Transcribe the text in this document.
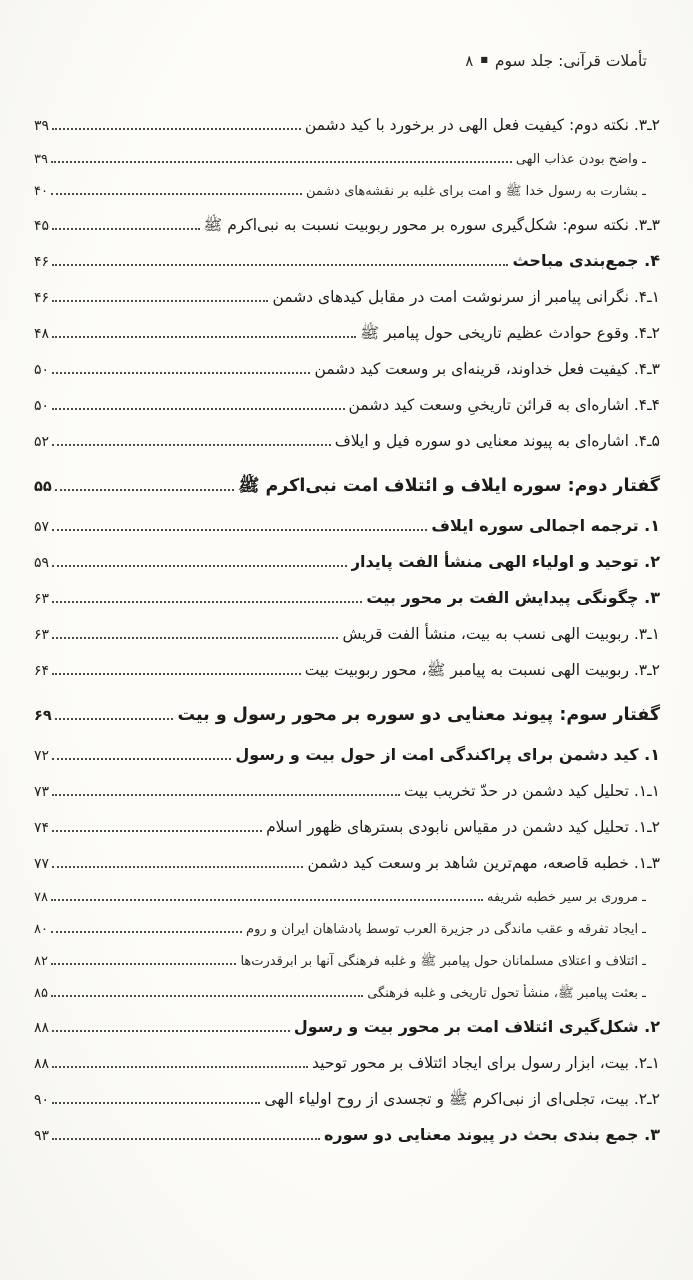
۸ ■ تأملات قرآنی: جلد سوم
۲ـ۳. نکته دوم: کیفیت فعل الهی در برخورد با کید دشمن
۳۹
ـ واضح بودن عذاب الهی
۳۹
ـ بشارت به رسول خدا ﷺ و امت برای غلبه بر نقشه‌های دشمن
۴۰
۳ـ۳. نکته سوم: شکل‌گیری سوره بر محور ربوبیت نسبت به نبی‌اکرم ﷺ
۴۵
۴. جمع‌بندی مباحث
۴۶
۱ـ۴. نگرانی پیامبر از سرنوشت امت در مقابل کیدهای دشمن
۴۶
۲ـ۴. وقوع حوادث عظیم تاریخی حول پیامبر ﷺ
۴۸
۳ـ۴. کیفیت فعل خداوند، قرینه‌ای بر وسعت کید دشمن
۵۰
۴ـ۴. اشاره‌ای به قرائن تاریخیِ وسعت کید دشمن
۵۰
۵ـ۴. اشاره‌ای به پیوند معنایی دو سوره فیل و ایلاف
۵۲
گفتار دوم: سوره ایلاف و ائتلاف امت نبی‌اکرم ﷺ
۵۵
۱. ترجمه اجمالی سوره ایلاف
۵۷
۲. توحید و اولیاء الهی منشأ الفت پایدار
۵۹
۳. چگونگی پیدایش الفت بر محور بیت
۶۳
۱ـ۳. ربوبیت الهی نسب به بیت، منشأ الفت قریش
۶۳
۲ـ۳. ربوبیت الهی نسبت به پیامبر ﷺ، محور ربوبیت بیت
۶۴
گفتار سوم: پیوند معنایی دو سوره بر محور رسول و بیت
۶۹
۱. کید دشمن برای پراکندگی امت از حول بیت و رسول
۷۲
۱ـ۱. تحلیل کید دشمن در حدّ تخریب بیت
۷۳
۲ـ۱. تحلیل کید دشمن در مقیاس نابودی بسترهای ظهور اسلام
۷۴
۳ـ۱. خطبه قاصعه، مهم‌ترین شاهد بر وسعت کید دشمن
۷۷
ـ مروری بر سیر خطبه شریفه
۷۸
ـ ایجاد تفرقه و عقب ماندگی در جزیرة العرب توسط پادشاهان ایران و روم
۸۰
ـ ائتلاف و اعتلای مسلمانان حول پیامبر ﷺ و غلبه فرهنگی آنها بر ابرقدرت‌ها
۸۲
ـ بعثت پیامبر ﷺ، منشأ تحول تاریخی و غلبه فرهنگی
۸۵
۲. شکل‌گیری ائتلاف امت بر محور بیت و رسول
۸۸
۱ـ۲. بیت، ابزار رسول برای ایجاد ائتلاف بر محور توحید
۸۸
۲ـ۲. بیت، تجلی‌ای از نبی‌اکرم ﷺ و تجسدی از روح اولیاء الهی
۹۰
۳. جمع بندی بحث در پیوند معنایی دو سوره
۹۳
